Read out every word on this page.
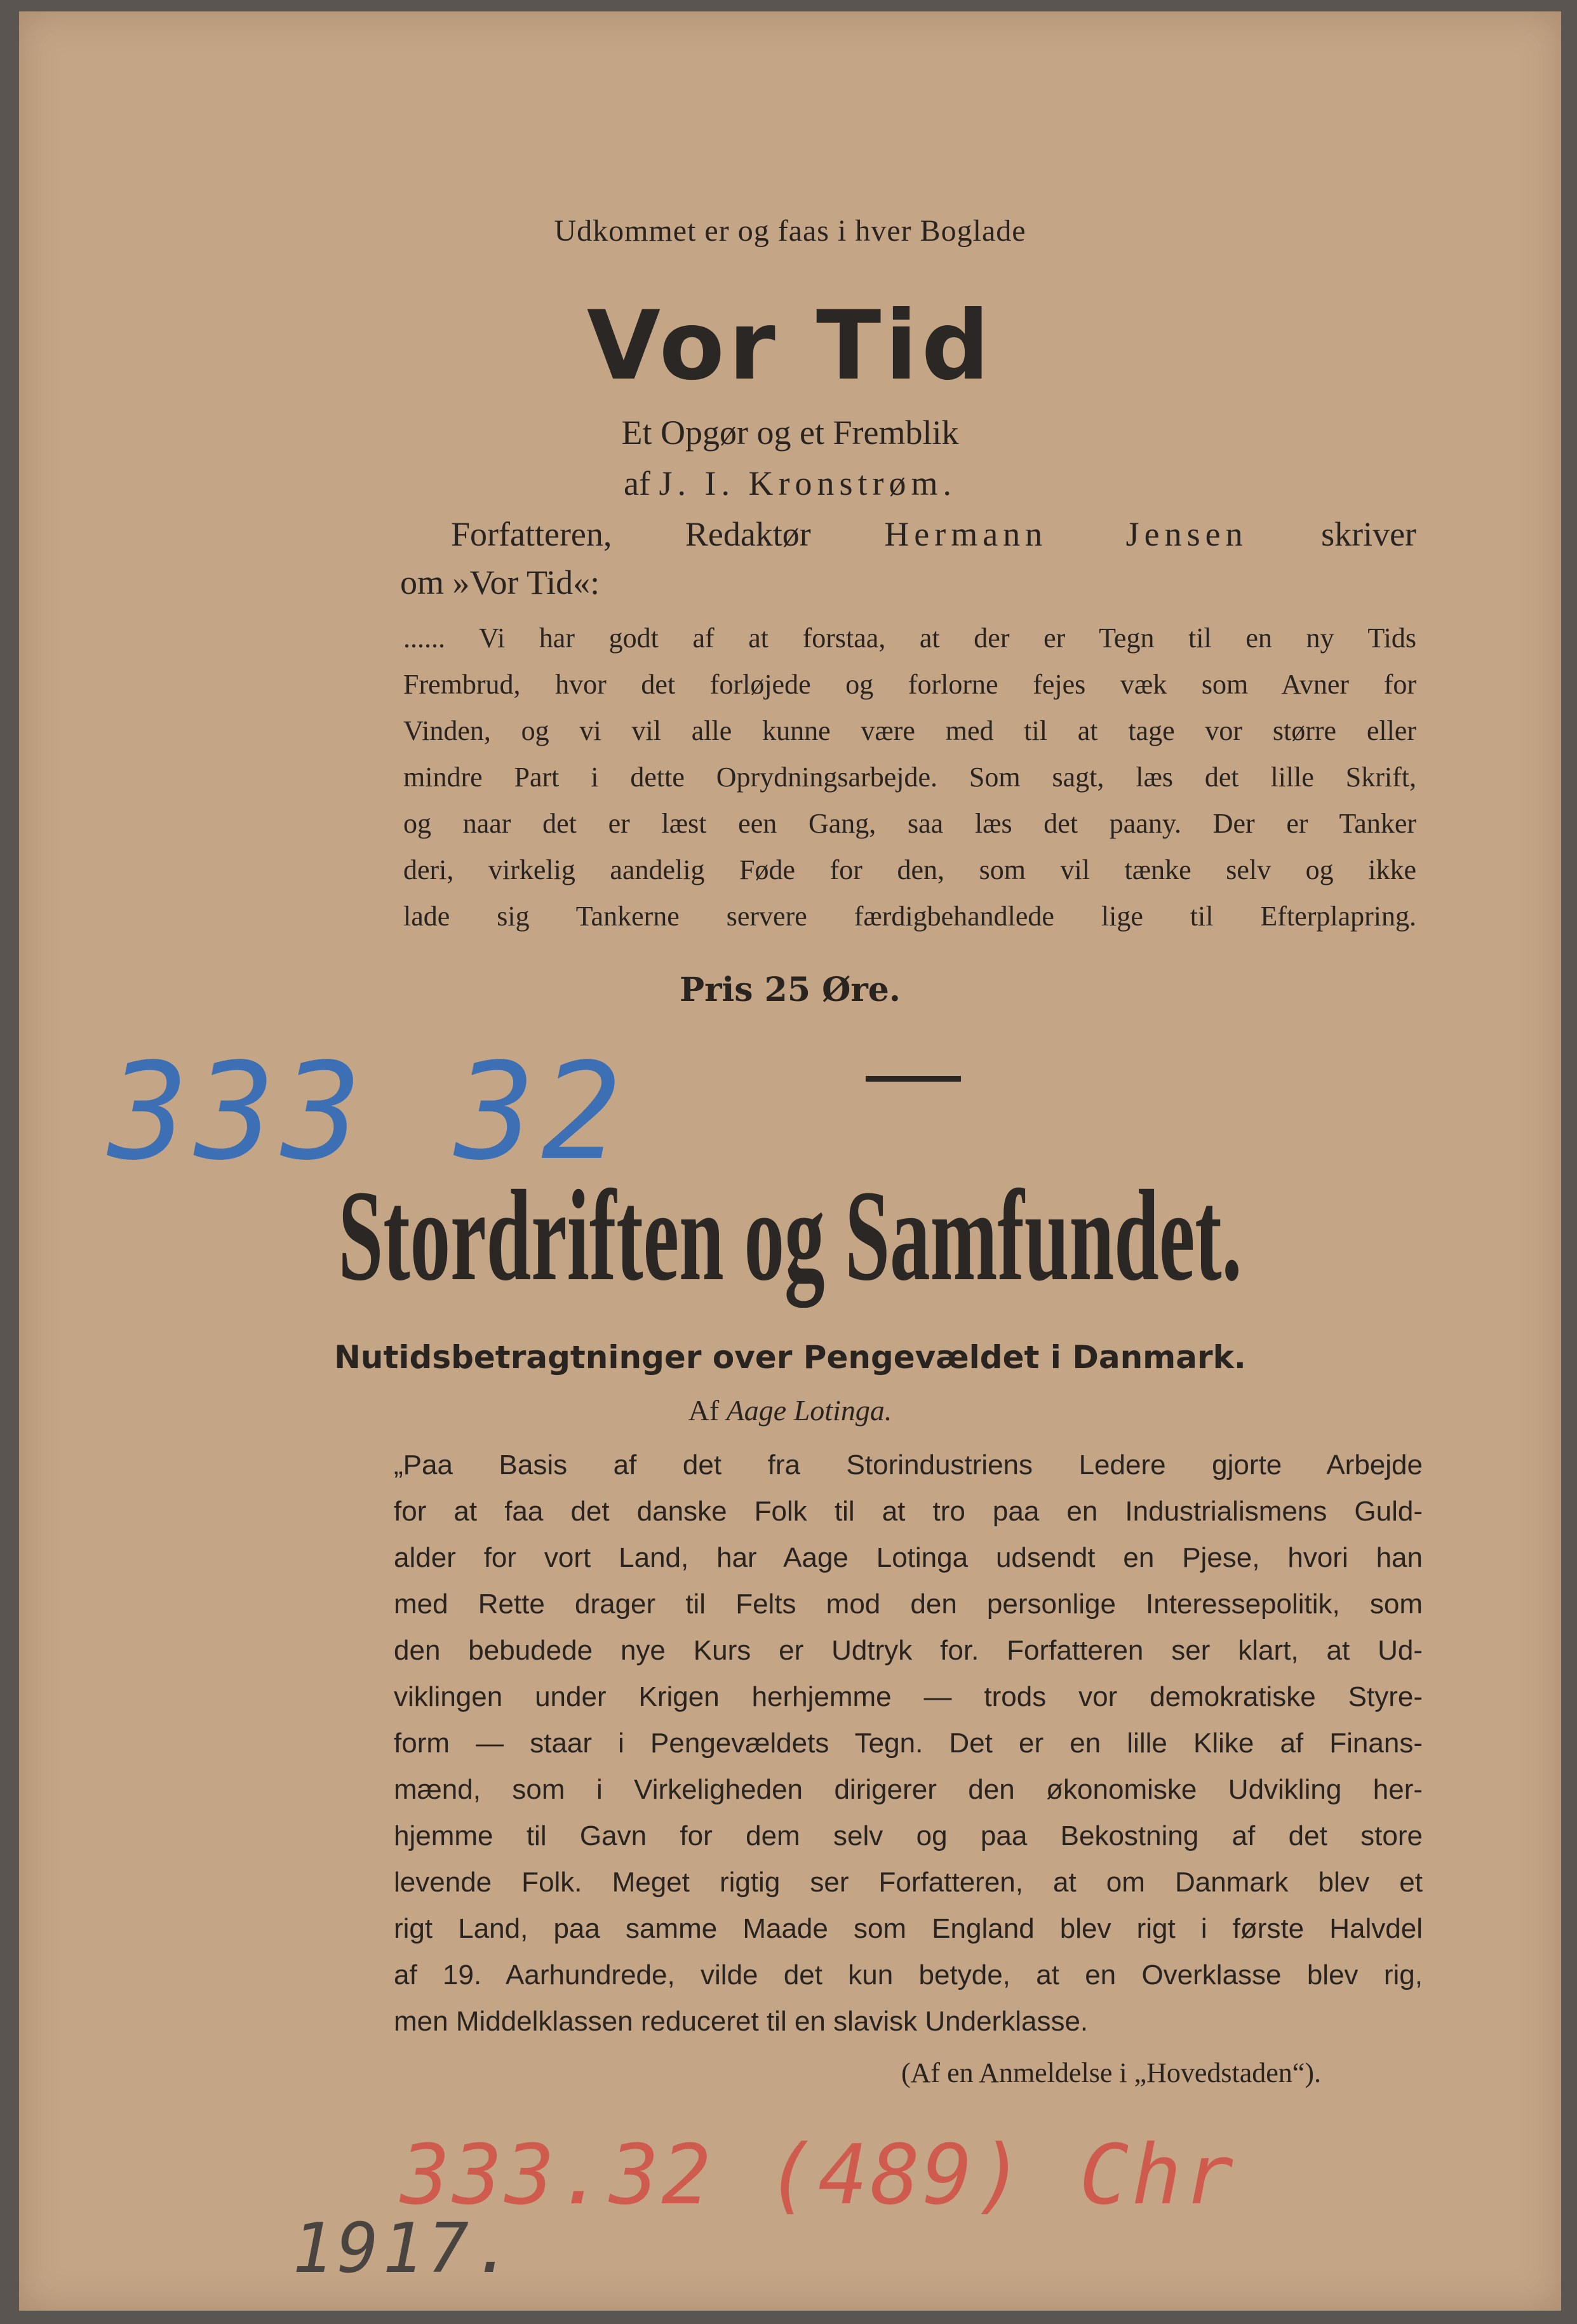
Udkommet er og faas i hver Boglade
Vor Tid
Et Opgør og et Fremblik
af J. I. Kronstrøm.
Forfatteren, Redaktør Hermann Jensen skriver
om »Vor Tid«:
...... Vi har godt af at forstaa, at der er Tegn til en ny Tids
Frembrud, hvor det forløjede og forlorne fejes væk som Avner for
Vinden, og vi vil alle kunne være med til at tage vor større eller
mindre Part i dette Oprydningsarbejde. Som sagt, læs det lille Skrift,
og naar det er læst een Gang, saa læs det paany. Der er Tanker
deri, virkelig aandelig Føde for den, som vil tænke selv og ikke
lade sig Tankerne servere færdigbehandlede lige til Efterplapring.
Pris 25 Øre.
333 32
Stordriften og Samfundet.
Nutidsbetragtninger over Pengevældet i Danmark.
Af Aage Lotinga.
„Paa Basis af det fra Storindustriens Ledere gjorte Arbejde
for at faa det danske Folk til at tro paa en Industrialismens Guld-
alder for vort Land, har Aage Lotinga udsendt en Pjese, hvori han
med Rette drager til Felts mod den personlige Interessepolitik, som
den bebudede nye Kurs er Udtryk for. Forfatteren ser klart, at Ud-
viklingen under Krigen herhjemme — trods vor demokratiske Styre-
form — staar i Pengevældets Tegn. Det er en lille Klike af Finans-
mænd, som i Virkeligheden dirigerer den økonomiske Udvikling her-
hjemme til Gavn for dem selv og paa Bekostning af det store
levende Folk. Meget rigtig ser Forfatteren, at om Danmark blev et
rigt Land, paa samme Maade som England blev rigt i første Halvdel
af 19. Aarhundrede, vilde det kun betyde, at en Overklasse blev rig,
men Middelklassen reduceret til en slavisk Underklasse.
(Af en Anmeldelse i „Hovedstaden“).
333.32 (489) Chr
1917.
